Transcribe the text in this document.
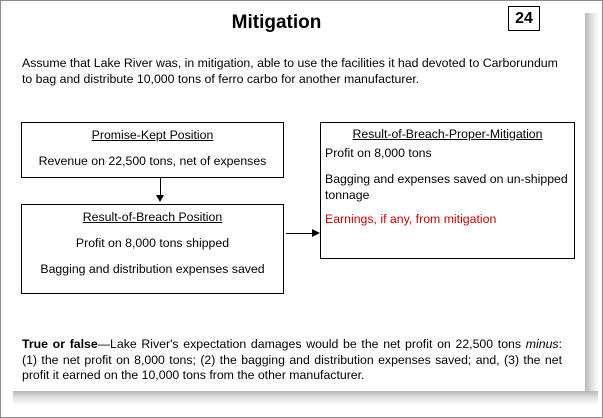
Mitigation	24
Assume that Lake River was, in mitigation, able to use the facilities it had devoted to Carborundum to bag and distribute 10,000 tons of ferro carbo for another manufacturer.
Promise-Kept Position
Revenue on 22,500 tons, net of expenses
Result-of-Breach Position
Profit on 8,000 tons shipped
Bagging and distribution expenses saved
Result-of-Breach-Proper-Mitigation
Profit on 8,000 tons
Bagging and expenses saved on un-shipped tonnage
Earnings, if any, from mitigation
True or false—Lake River's expectation damages would be the net profit on 22,500 tons minus: (1) the net profit on 8,000 tons; (2) the bagging and distribution expenses saved; and, (3) the net profit it earned on the 10,000 tons from the other manufacturer.
